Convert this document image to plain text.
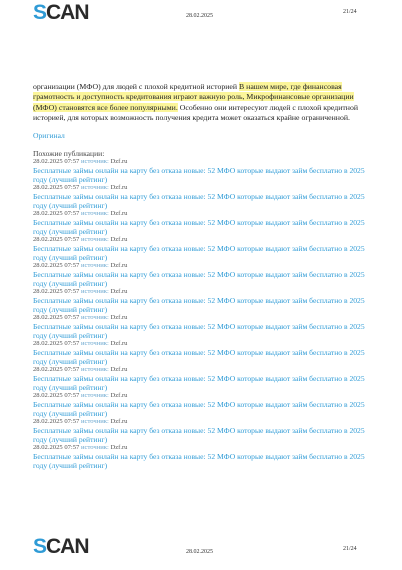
SCAN	28.02.2025
21/24

организации (МФО) для людей с плохой кредитной историей В нашем мире, где финансовая грамотность и доступность кредитования играют важную роль, Микрофинансовые организации (МФО) становятся все более популярными. Особенно они интересуют людей с плохой кредитной историей, для которых возможность получения кредита может оказаться крайне ограниченной.

Оригинал
Похожие публикации:
28.02.2025 07:57 источник: Dzf.ru
Бесплатные займы онлайн на карту без отказа новые: 52 МФО которые выдают займ бесплатно в 2025 году (лучший рейтинг)
28.02.2025 07:57 источник: Dzf.ru
Бесплатные займы онлайн на карту без отказа новые: 52 МФО которые выдают займ бесплатно в 2025 году (лучший рейтинг)
28.02.2025 07:57 источник: Dzf.ru
Бесплатные займы онлайн на карту без отказа новые: 52 МФО которые выдают займ бесплатно в 2025 году (лучший рейтинг)
28.02.2025 07:57 источник: Dzf.ru
Бесплатные займы онлайн на карту без отказа новые: 52 МФО которые выдают займ бесплатно в 2025 году (лучший рейтинг)
28.02.2025 07:57 источник: Dzf.ru
Бесплатные займы онлайн на карту без отказа новые: 52 МФО которые выдают займ бесплатно в 2025 году (лучший рейтинг)
28.02.2025 07:57 источник: Dzf.ru
Бесплатные займы онлайн на карту без отказа новые: 52 МФО которые выдают займ бесплатно в 2025 году (лучший рейтинг)
28.02.2025 07:57 источник: Dzf.ru
Бесплатные займы онлайн на карту без отказа новые: 52 МФО которые выдают займ бесплатно в 2025 году (лучший рейтинг)
28.02.2025 07:57 источник: Dzf.ru
Бесплатные займы онлайн на карту без отказа новые: 52 МФО которые выдают займ бесплатно в 2025 году (лучший рейтинг)
28.02.2025 07:57 источник: Dzf.ru
Бесплатные займы онлайн на карту без отказа новые: 52 МФО которые выдают займ бесплатно в 2025 году (лучший рейтинг)
28.02.2025 07:57 источник: Dzf.ru
Бесплатные займы онлайн на карту без отказа новые: 52 МФО которые выдают займ бесплатно в 2025 году (лучший рейтинг)
28.02.2025 07:57 источник: Dzf.ru
Бесплатные займы онлайн на карту без отказа новые: 52 МФО которые выдают займ бесплатно в 2025 году (лучший рейтинг)
28.02.2025 07:57 источник: Dzf.ru
Бесплатные займы онлайн на карту без отказа новые: 52 МФО которые выдают займ бесплатно в 2025 году (лучший рейтинг)
SCAN	28.02.2025	21/24
